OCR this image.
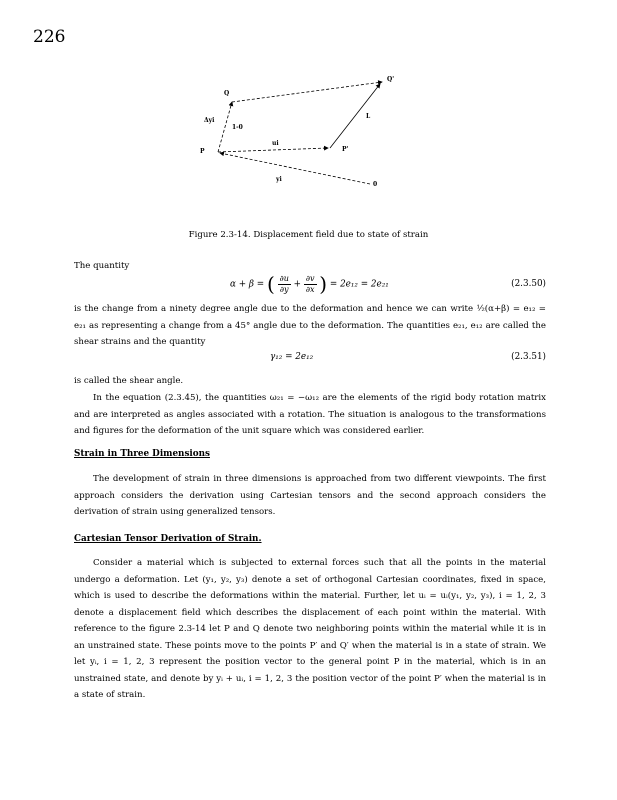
226
Q
Q'
P	P'
Δyi
1-0
ui
L
yi
0
Figure 2.3-14. Displacement field due to state of strain
The quantity
α + β = ( $\frac{\partial u}{\partial y} + \frac{\partial v}{\partial x}$ ) = 2e₁₂ = 2e₂₁	(2.3.50)
is the change from a ninety degree angle due to the deformation and hence we can write ½(α+β) = e₁₂ = e₂₁ as representing a change from a 45° angle due to the deformation. The quantities e₂₁, e₁₂ are called the shear strains and the quantity
γ₁₂ = 2e₁₂	(2.3.51)
is called the shear angle.
In the equation (2.3.45), the quantities ω₂₁ = −ω₁₂ are the elements of the rigid body rotation matrix and are interpreted as angles associated with a rotation. The situation is analogous to the transformations and figures for the deformation of the unit square which was considered earlier.
Strain in Three Dimensions
The development of strain in three dimensions is approached from two different viewpoints. The first approach considers the derivation using Cartesian tensors and the second approach considers the derivation of strain using generalized tensors.
Cartesian Tensor Derivation of Strain.
Consider a material which is subjected to external forces such that all the points in the material undergo a deformation. Let (y₁, y₂, y₃) denote a set of orthogonal Cartesian coordinates, fixed in space, which is used to describe the deformations within the material. Further, let uᵢ = uᵢ(y₁, y₂, y₃), i = 1, 2, 3 denote a displacement field which describes the displacement of each point within the material. With reference to the figure 2.3-14 let P and Q denote two neighboring points within the material while it is in an unstrained state. These points move to the points P′ and Q′ when the material is in a state of strain. We let yᵢ, i = 1, 2, 3 represent the position vector to the general point P in the material, which is in an unstrained state, and denote by yᵢ + uᵢ, i = 1, 2, 3 the position vector of the point P′ when the material is in a state of strain.
